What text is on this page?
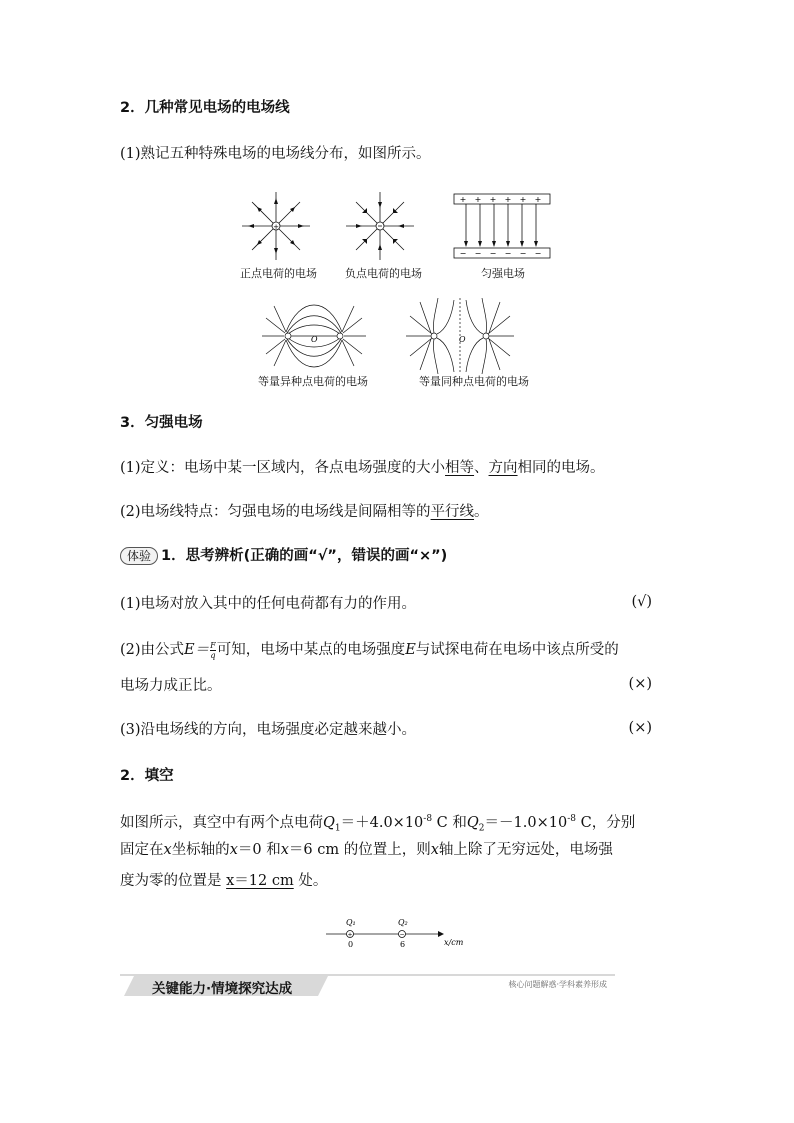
2．几种常见电场的电场线
(1)熟记五种特殊电场的电场线分布，如图所示。
+
+ + + + + +
− − − − − −
正点电荷的电场	负点电荷的电场	匀强电场
O	O
等量异种点电荷的电场	等量同种点电荷的电场
3．匀强电场
(1)定义：电场中某一区域内，各点电场强度的大小相等、方向相同的电场。
(2)电场线特点：匀强电场的电场线是间隔相等的平行线。
体验 1．思考辨析(正确的画“√”，错误的画“×”)
(1)电场对放入其中的任何电荷都有力的作用。	(√)
(2)由公式$E= \frac{F}{q}$ 可知，电场中某点的电场强度E与试探电荷在电场中该点所受的
电场力成正比。	(×)
(3)沿电场线的方向，电场强度必定越来越小。	(×)
2．填空
如图所示，真空中有两个点电荷$Q_1=+4.0\times 10^{-8}$ C 和$Q_2=-1.0\times 10^{-8}$ C，分别
固定在x坐标轴的x＝0 和x＝6 cm 的位置上，则x轴上除了无穷远处，电场强
度为零的位置是 x＝12 cm 处。
+	−
Q₁	Q₂
0	6	x/cm
关键能力·情境探究达成	核心问题解惑·学科素养形成
